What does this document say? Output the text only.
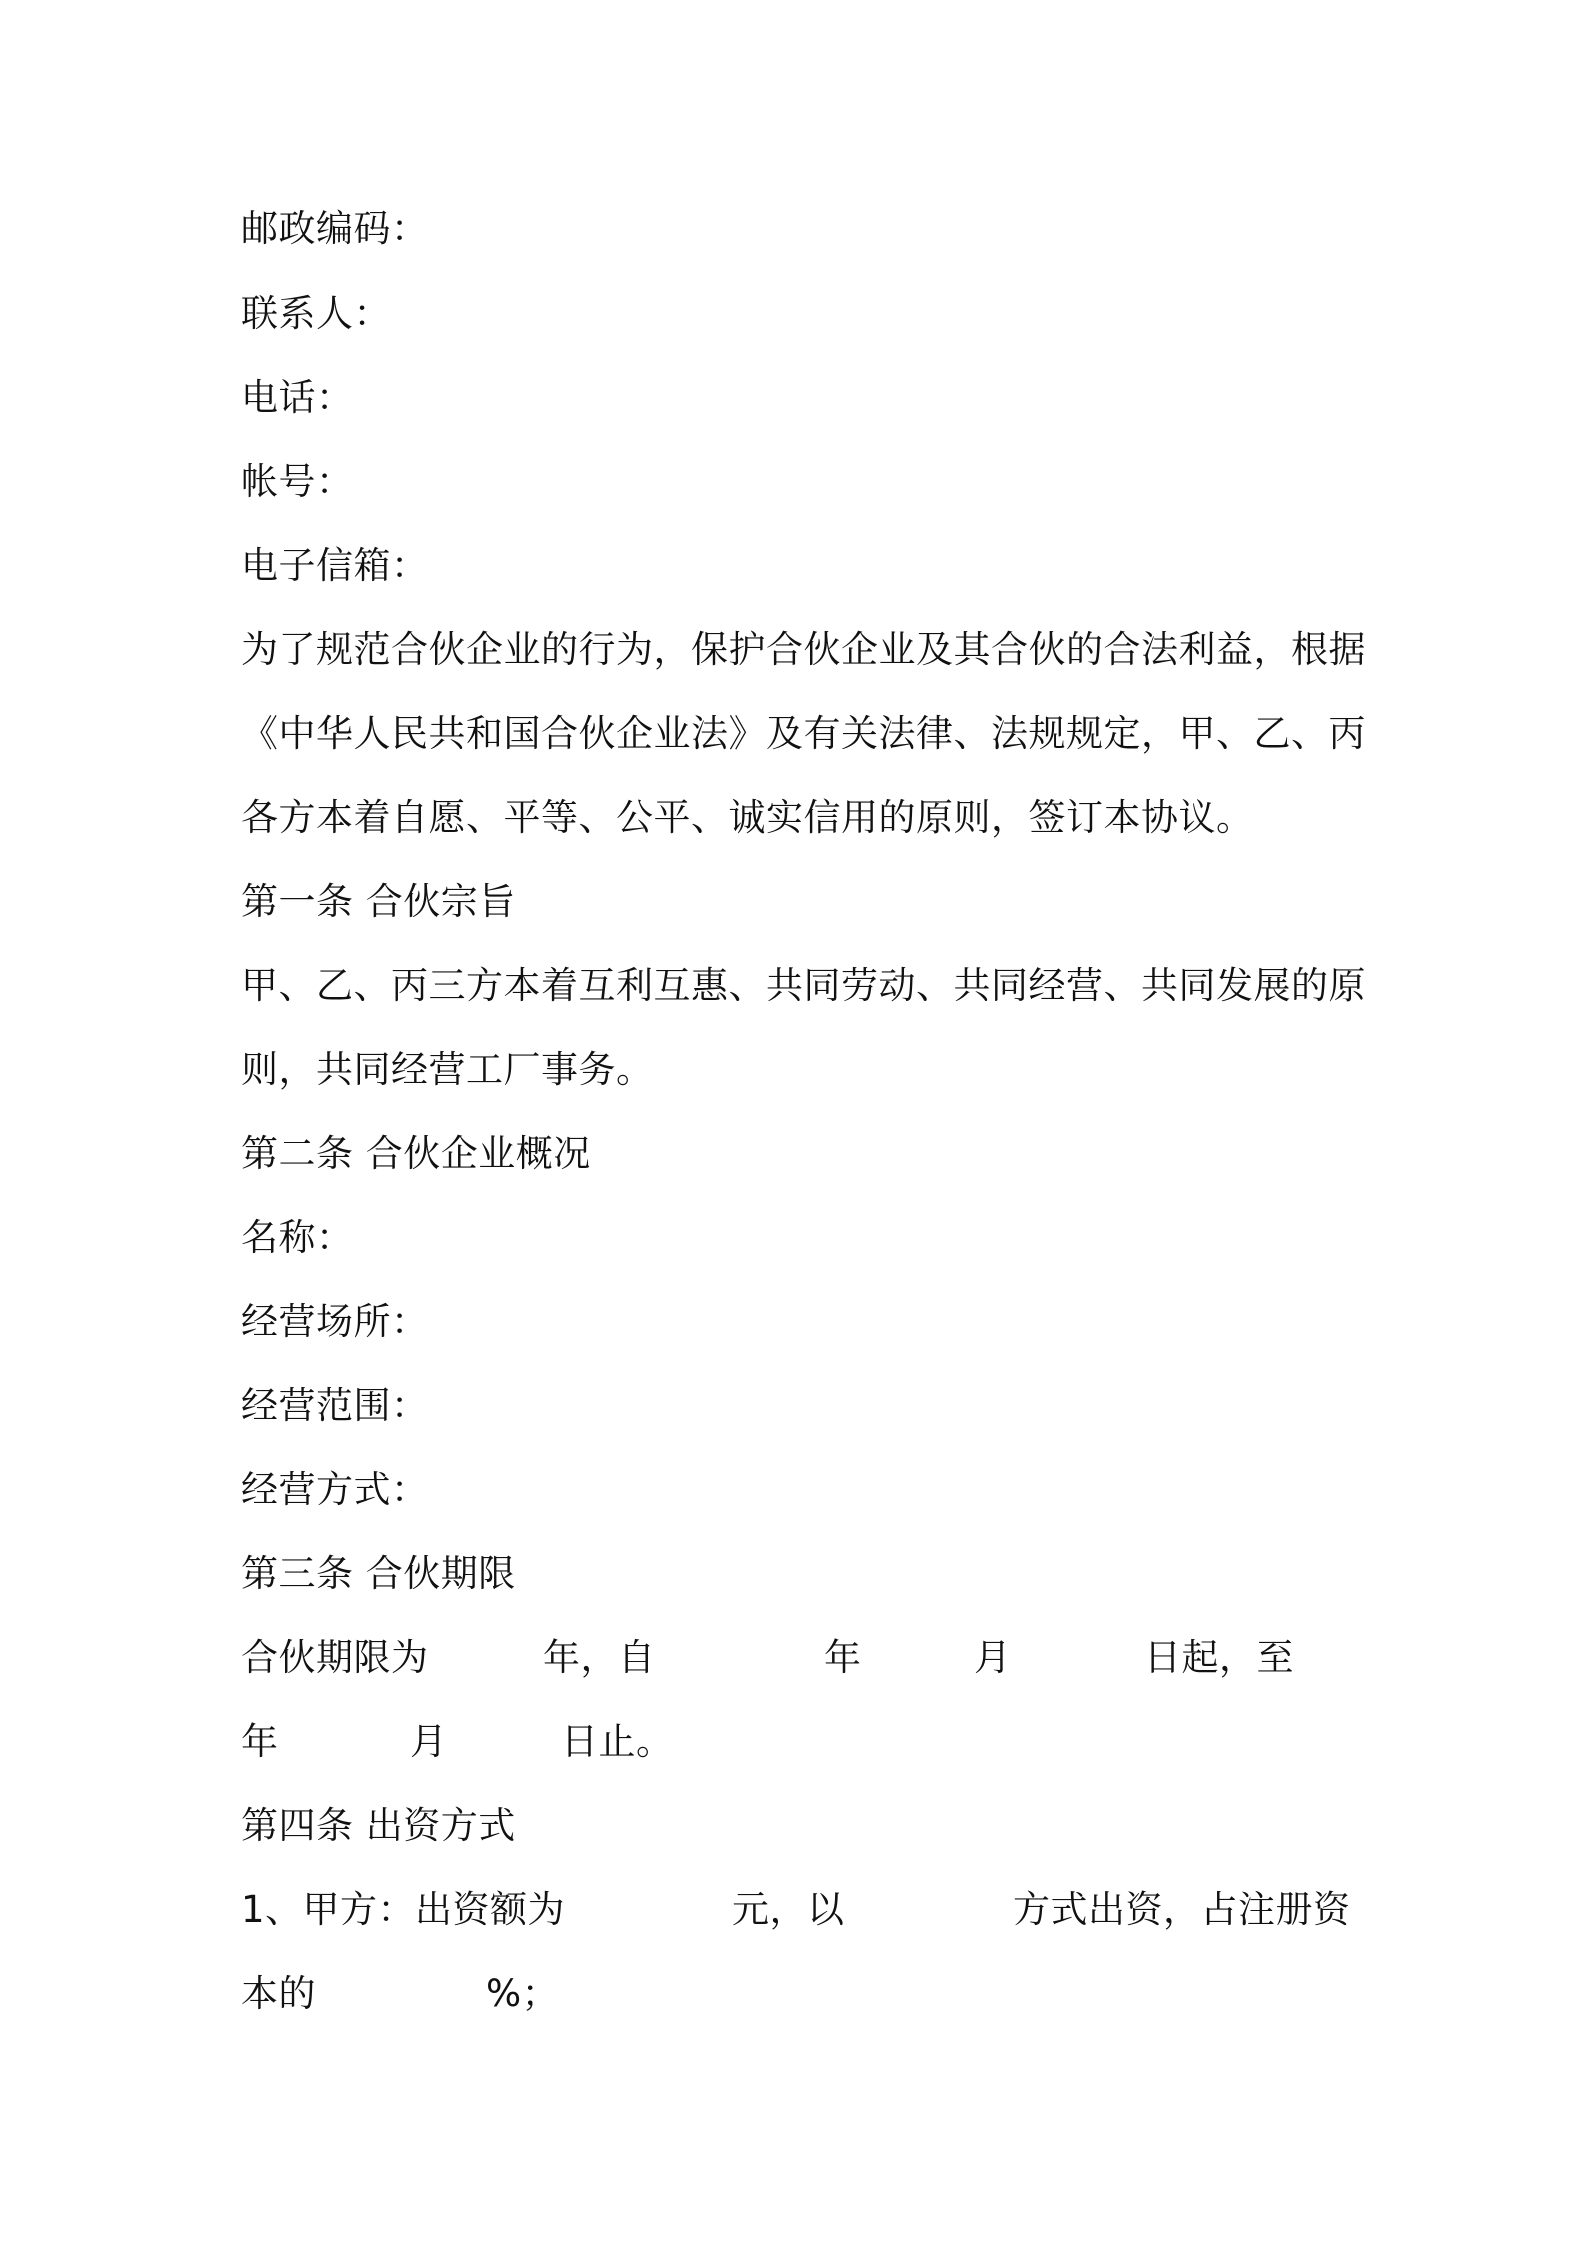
邮政编码：
联系人：
电话：
帐号：
电子信箱：
为了规范合伙企业的行为，保护合伙企业及其合伙的合法利益，根据
《中华人民共和国合伙企业法》及有关法律、法规规定，甲、乙、丙
各方本着自愿、平等、公平、诚实信用的原则，签订本协议。
第一条 合伙宗旨
甲、乙、丙三方本着互利互惠、共同劳动、共同经营、共同发展的原
则，共同经营工厂事务。
第二条 合伙企业概况
名称：
经营场所：
经营范围：
经营方式：
第三条 合伙期限
合伙期限为	年，自	年	月	日起，至
年	月	日止。
第四条 出资方式
1、甲方：出资额为	元，以	方式出资，占注册资
本的	%；
